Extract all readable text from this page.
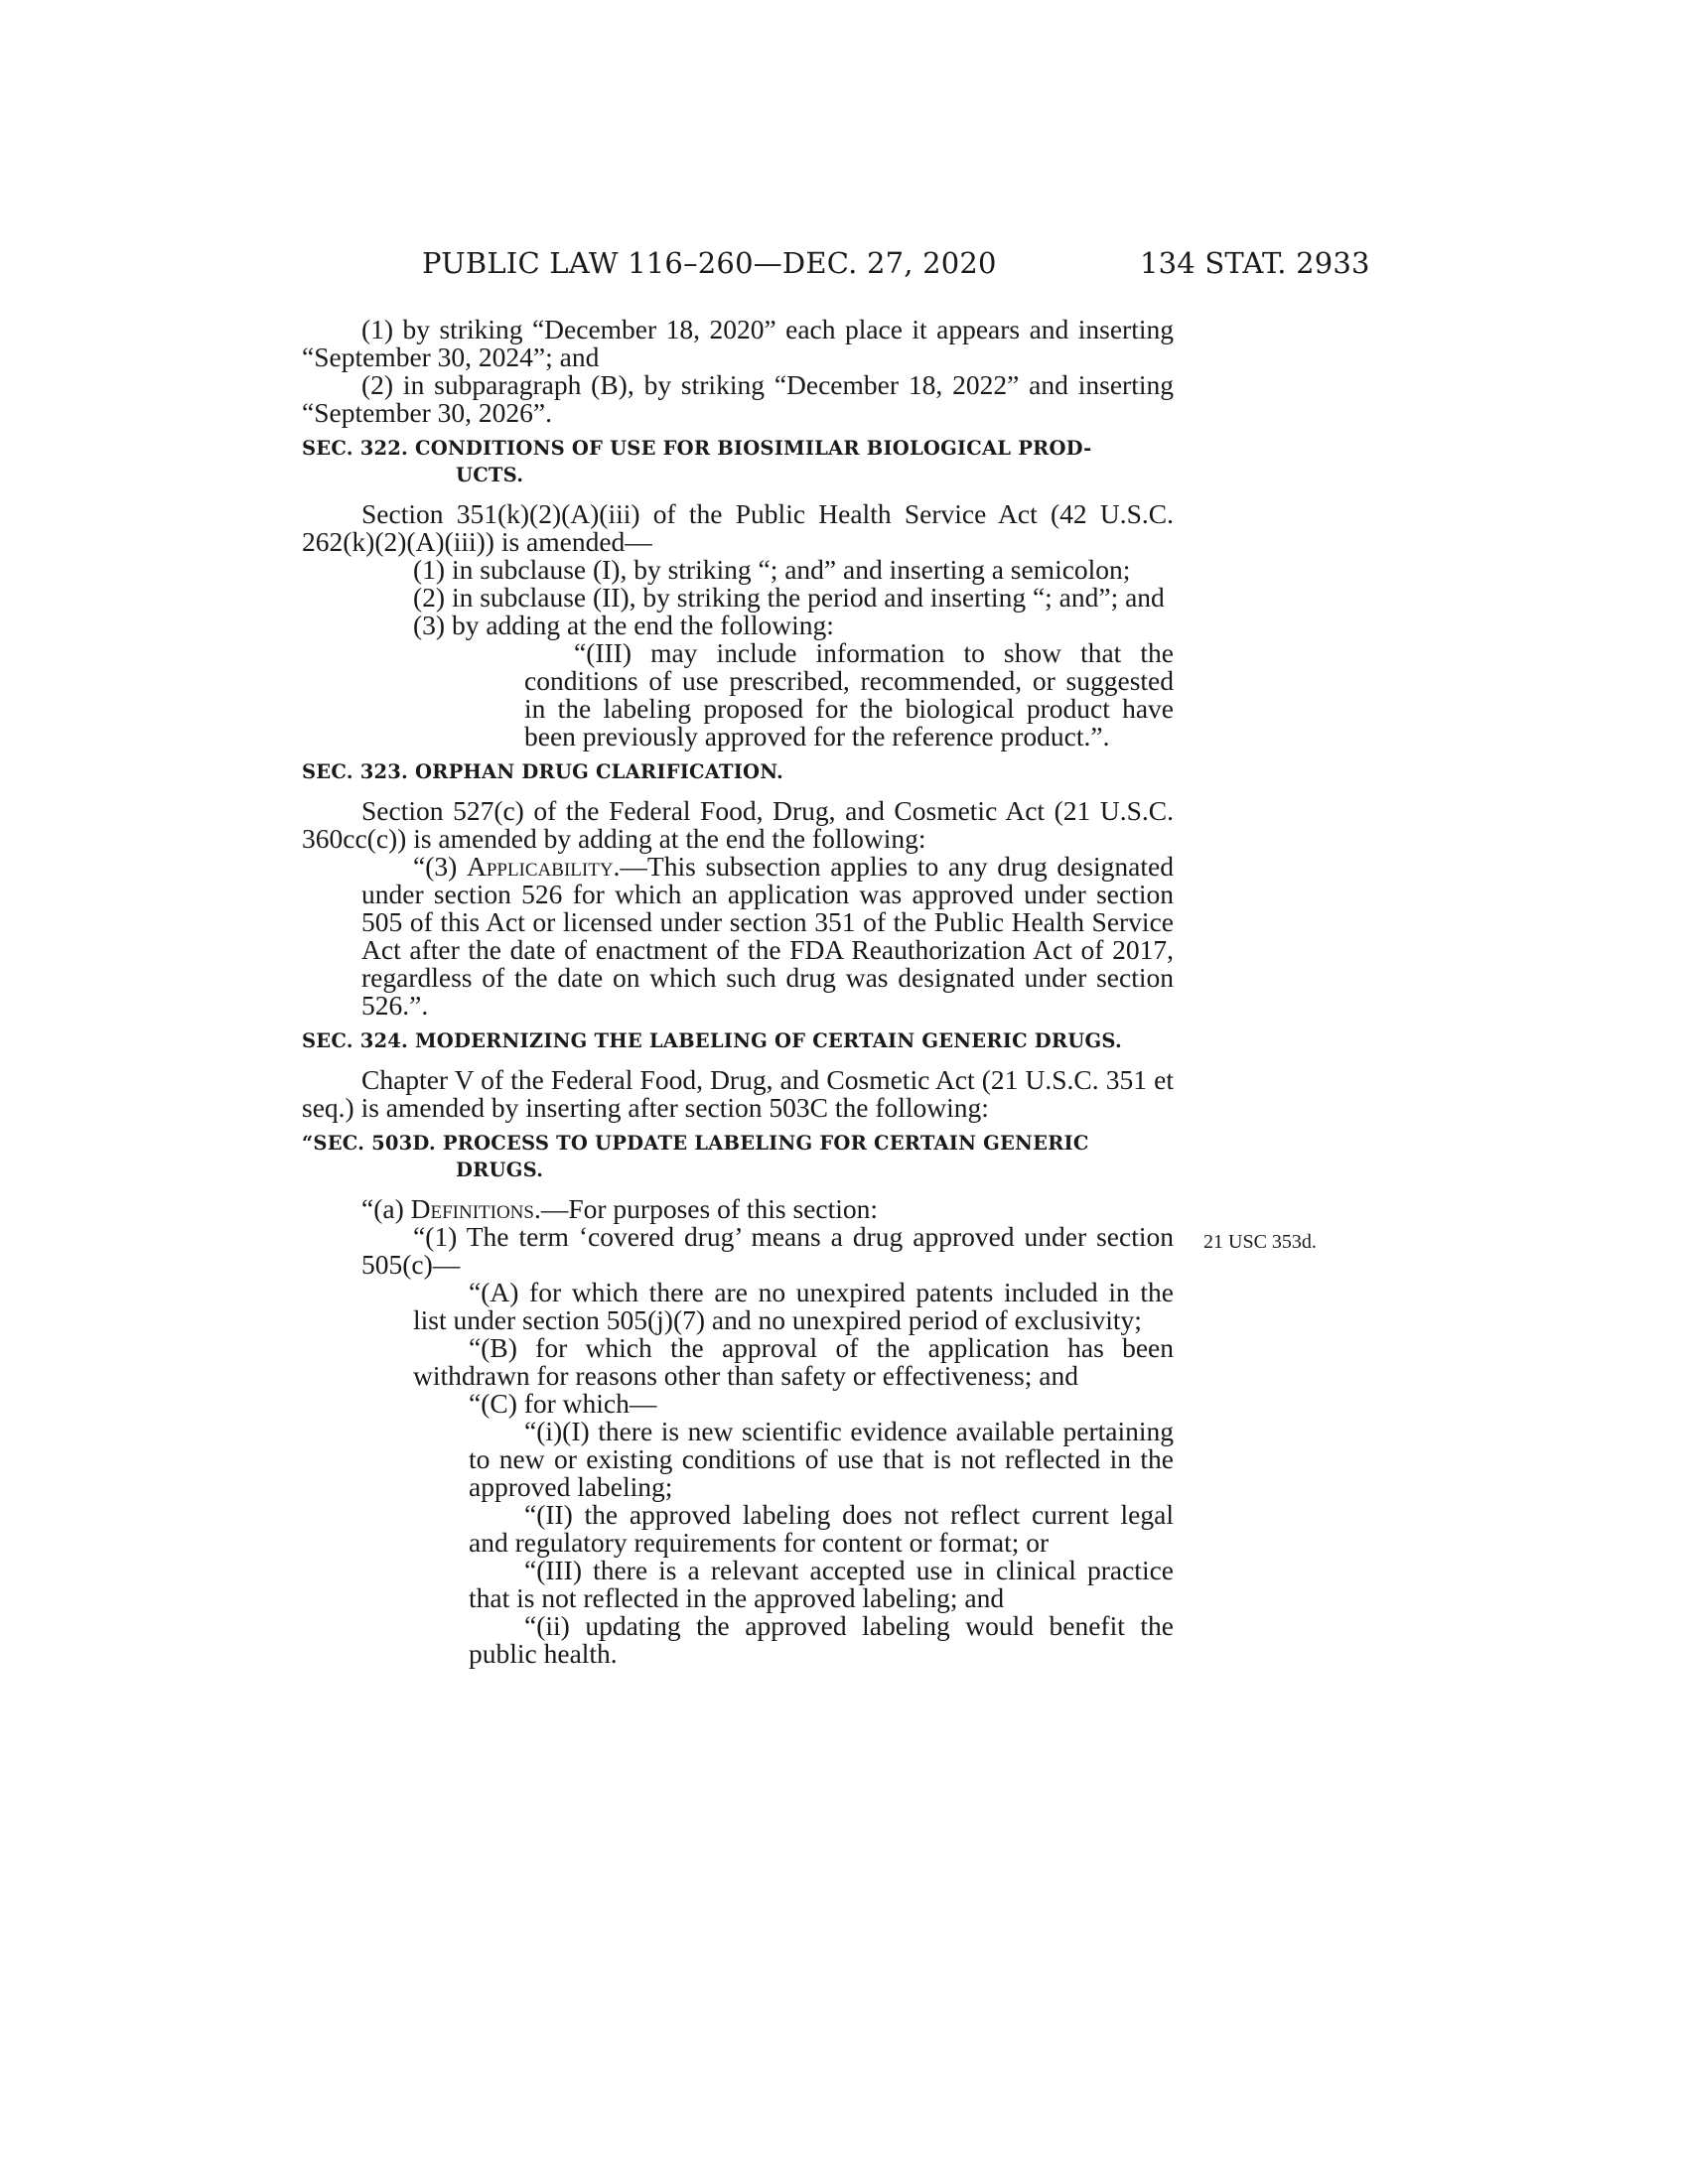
PUBLIC LAW 116–260—DEC. 27, 2020	134 STAT. 2933
21 USC 353d.

(1) by striking “December 18, 2020” each place it appears and inserting “September 30, 2024”; and

(2) in subparagraph (B), by striking “December 18, 2022” and inserting “September 30, 2026”.

SEC. 322. CONDITIONS OF USE FOR BIOSIMILAR BIOLOGICAL PROD-
UCTS.

Section 351(k)(2)(A)(iii) of the Public Health Service Act (42 U.S.C. 262(k)(2)(A)(iii)) is amended—

(1) in subclause (I), by striking “; and” and inserting a semicolon;

(2) in subclause (II), by striking the period and inserting “; and”; and

(3) by adding at the end the following:

“(III) may include information to show that the conditions of use prescribed, recommended, or suggested in the labeling proposed for the biological product have been previously approved for the reference product.”.

SEC. 323. ORPHAN DRUG CLARIFICATION.

Section 527(c) of the Federal Food, Drug, and Cosmetic Act (21 U.S.C. 360cc(c)) is amended by adding at the end the following:

“(3) Applicability.—This subsection applies to any drug designated under section 526 for which an application was approved under section 505 of this Act or licensed under section 351 of the Public Health Service Act after the date of enactment of the FDA Reauthorization Act of 2017, regardless of the date on which such drug was designated under section 526.”.

SEC. 324. MODERNIZING THE LABELING OF CERTAIN GENERIC DRUGS.

Chapter V of the Federal Food, Drug, and Cosmetic Act (21 U.S.C. 351 et seq.) is amended by inserting after section 503C the following:

“SEC. 503D. PROCESS TO UPDATE LABELING FOR CERTAIN GENERIC
DRUGS.

“(a) Definitions.—For purposes of this section:

“(1) The term ‘covered drug’ means a drug approved under section 505(c)—

“(A) for which there are no unexpired patents included in the list under section 505(j)(7) and no unexpired period of exclusivity;

“(B) for which the approval of the application has been withdrawn for reasons other than safety or effectiveness; and

“(C) for which—

“(i)(I) there is new scientific evidence available pertaining to new or existing conditions of use that is not reflected in the approved labeling;

“(II) the approved labeling does not reflect current legal and regulatory requirements for content or format; or

“(III) there is a relevant accepted use in clinical practice that is not reflected in the approved labeling; and

“(ii) updating the approved labeling would benefit the public health.
